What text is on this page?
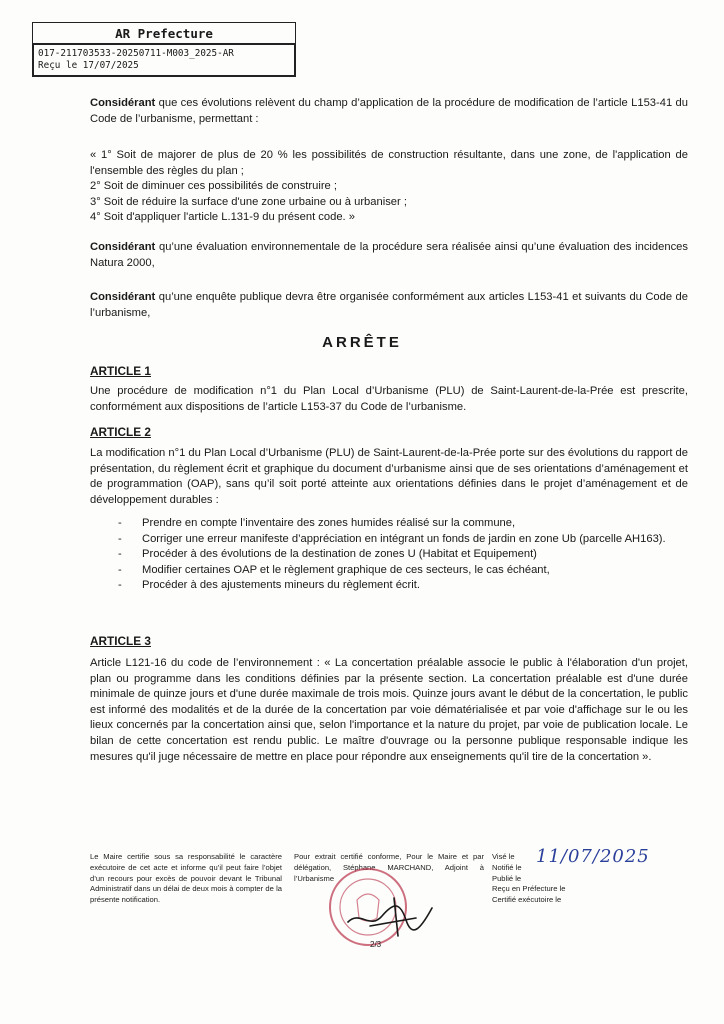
AR Prefecture
017-211703533-20250711-M003_2025-AR
Reçu le 17/07/2025

Considérant que ces évolutions relèvent du champ d’application de la procédure de modification de l’article L153-41 du Code de l’urbanisme, permettant :

« 1° Soit de majorer de plus de 20 % les possibilités de construction résultante, dans une zone, de l'application de l'ensemble des règles du plan ;

2° Soit de diminuer ces possibilités de construire ;

3° Soit de réduire la surface d'une zone urbaine ou à urbaniser ;

4° Soit d'appliquer l'article L.131-9 du présent code. »

Considérant qu’une évaluation environnementale de la procédure sera réalisée ainsi qu’une évaluation des incidences Natura 2000,

Considérant qu’une enquête publique devra être organisée conformément aux articles L153-41 et suivants du Code de l’urbanisme,

ARRÊTE
ARTICLE 1

Une procédure de modification n°1 du Plan Local d’Urbanisme (PLU) de Saint-Laurent-de-la-Prée est prescrite, conformément aux dispositions de l’article L153-37 du Code de l’urbanisme.

ARTICLE 2

La modification n°1 du Plan Local d’Urbanisme (PLU) de Saint-Laurent-de-la-Prée porte sur des évolutions du rapport de présentation, du règlement écrit et graphique du document d’urbanisme ainsi que de ses orientations d’aménagement et de programmation (OAP), sans qu’il soit porté atteinte aux orientations définies dans le projet d’aménagement et de développement durables :

- Prendre en compte l’inventaire des zones humides réalisé sur la commune,
- Corriger une erreur manifeste d’appréciation en intégrant un fonds de jardin en zone Ub (parcelle AH163).
- Procéder à des évolutions de la destination de zones U (Habitat et Equipement)
- Modifier certaines OAP et le règlement graphique de ces secteurs, le cas échéant,
- Procéder à des ajustements mineurs du règlement écrit.
ARTICLE 3

Article L121-16 du code de l’environnement : « La concertation préalable associe le public à l'élaboration d'un projet, plan ou programme dans les conditions définies par la présente section. La concertation préalable est d'une durée minimale de quinze jours et d'une durée maximale de trois mois. Quinze jours avant le début de la concertation, le public est informé des modalités et de la durée de la concertation par voie dématérialisée et par voie d'affichage sur le ou les lieux concernés par la concertation ainsi que, selon l'importance et la nature du projet, par voie de publication locale. Le bilan de cette concertation est rendu public. Le maître d'ouvrage ou la personne publique responsable indique les mesures qu'il juge nécessaire de mettre en place pour répondre aux enseignements qu'il tire de la concertation ».

Le Maire certifie sous sa responsabilité le caractère exécutoire de cet acte et informe qu’il peut faire l’objet d’un recours pour excès de pouvoir devant le Tribunal Administratif dans un délai de deux mois à compter de la présente notification.
Pour extrait certifié conforme, Pour le Maire et par délégation, Stéphane MARCHAND, Adjoint à l’Urbanisme
Visé le
Notifié le
Publié le
Reçu en Préfecture le
Certifié exécutoire le
11/07/2025
2/3
